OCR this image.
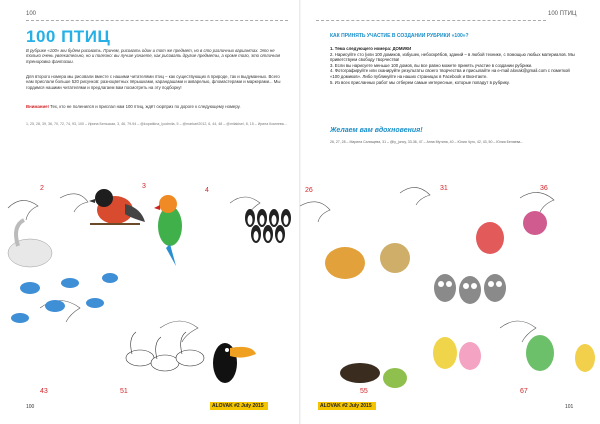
100
100 ПТИЦ
В рубрике «100» мы будем рисовать. Причем, рисовать один и тот же предмет, но в сто различных вариантах. Это не только очень увлекательно, но и полезно: вы лучше узнаете, как рисовать другие предметы, а кроме того, это отличная тренировка фантазии.
Для второго номера мы рисовали вместе с нашими читателями птиц – как существующих в природе, так и выдуманных. Всего нам прислали больше 520 рисунков: разноцветных пёрышками, карандашами и акварелью, фломастерами и маркерами... Мы гордимся нашими читателями и предлагаем вам посмотреть на эту подборку!
Внимание! Тех, кто не поленился и прислал нам 100 птиц, ждёт сюрприз по дороге к следующему номеру.
1, 25, 28, 39, 36, 70, 72, 74, 93, 100 – Ирина Бельская, 3, 46, 79-94 – @kopatkina_lyudmila, 5 – @markart2012, 6, 44, 48 – @milakisel, 8, 15 – Ирина Комлева...
100 ПТИЦ
КАК ПРИНЯТЬ УЧАСТИЕ В СОЗДАНИИ РУБРИКИ «100»?
1. Тема следующего номера: ДОМИКИ
2. Нарисуйте сто (или 100 домиков, избушек, небоскрёбов, зданий – в любой технике, с помощью любых материалов. Мы приветствуем свободу творчества!
3. Если вы нарисуете меньше 100 домов, вы все равно можете принять участие в создании рубрики.
4. Фотографируйте или сканируйте результаты своего творчества и присылайте на e-mail alovak@gmail.com с пометкой «100 домиков». Либо публикуйте на наших страницах в Facebook и Вконтакте.
5. Из всех присланных работ мы отберем самые интересные, которые попадут в рубрику.
Желаем вам вдохновения!
26, 27, 28 – Марина Салищева, 31 – @iy_juncy, 33-36, 47 – Анна Мутина, 40 – Юлия Чуго, 42, 43, 50 – Юлия Беляева...
2	3
4	26	31	36
43	51	55	67
100	ALOVAK #2 July 2015	ALOVAK #2 July 2015	101
